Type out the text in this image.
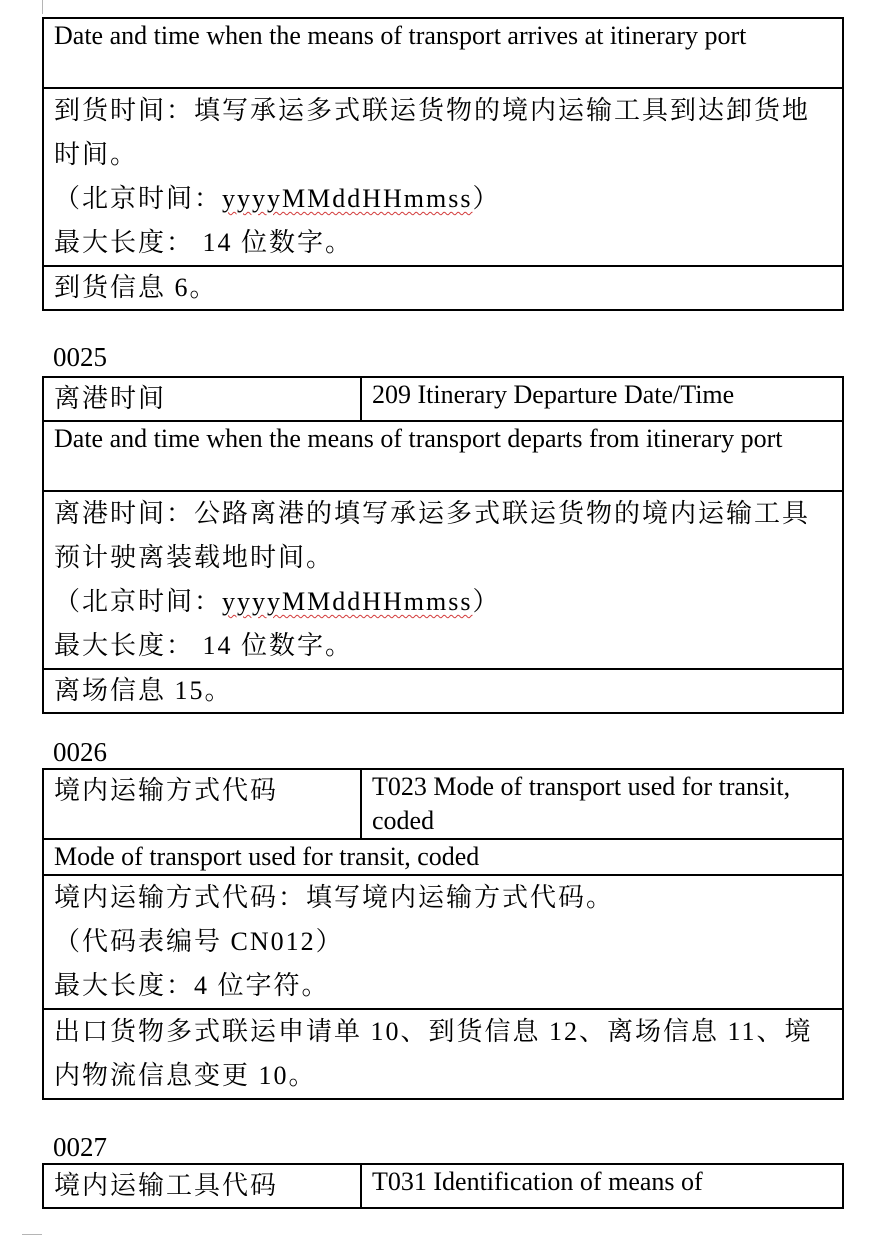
Date and time when the means of transport arrives at itinerary port

到货时间：填写承运多式联运货物的境内运输工具到达卸货地时间。
（北京时间：yyyyMMddHHmmss）
最大长度： 14 位数字。

到货信息 6。
0025
离港时间	209 Itinerary Departure Date/Time
Date and time when the means of transport departs from itinerary port

离港时间：公路离港的填写承运多式联运货物的境内运输工具预计驶离装载地时间。
（北京时间：yyyyMMddHHmmss）
最大长度： 14 位数字。

离场信息 15。
0026
境内运输方式代码	T023 Mode of transport used for transit, coded
Mode of transport used for transit, coded

境内运输方式代码：填写境内运输方式代码。
（代码表编号 CN012）
最大长度：4 位字符。

出口货物多式联运申请单 10、到货信息 12、离场信息 11、境内物流信息变更 10。
0027
境内运输工具代码	T031 Identification of means of
